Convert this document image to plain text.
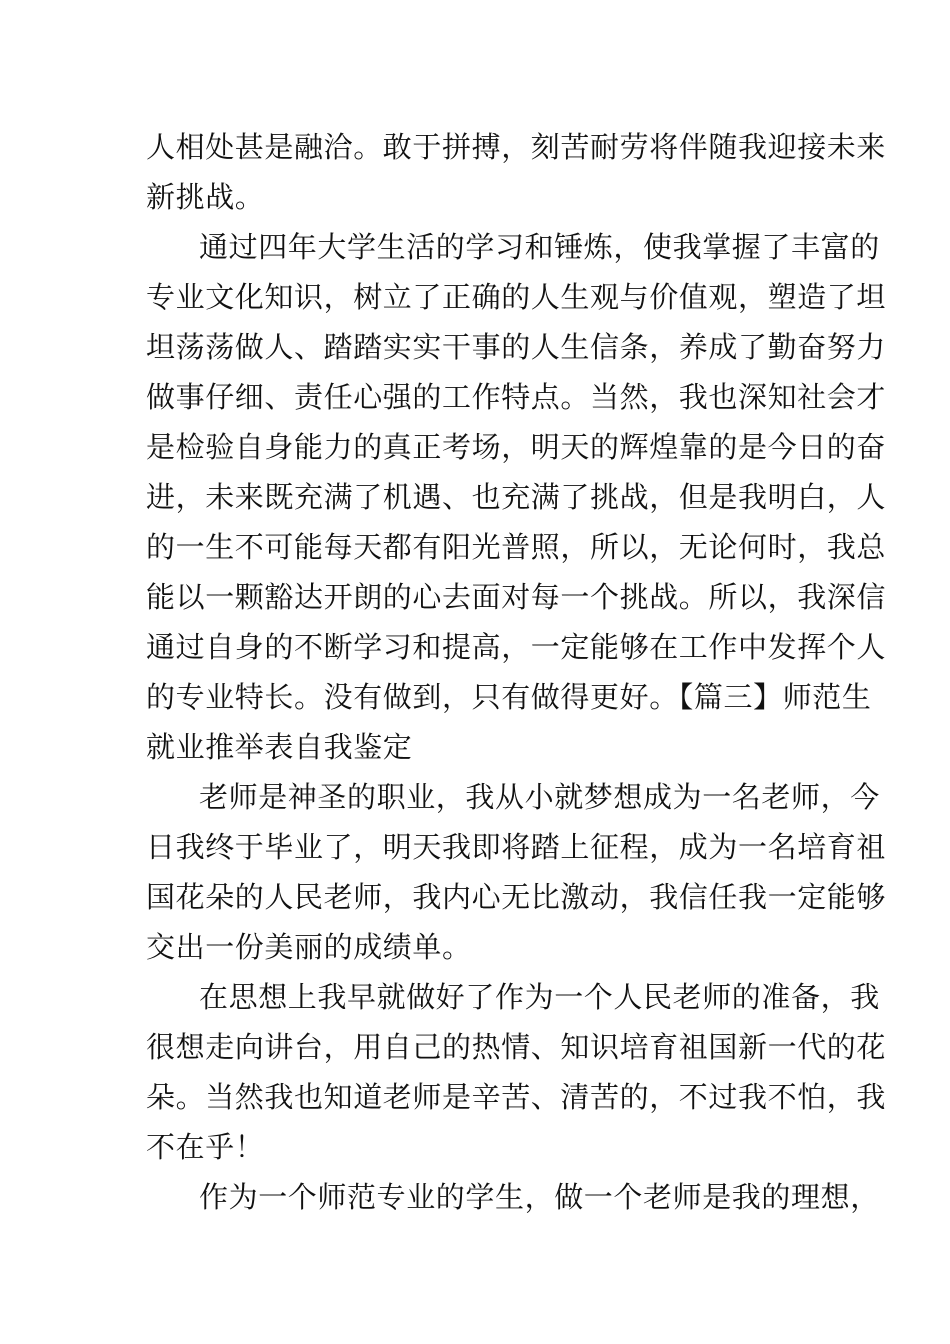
人相处甚是融洽。敢于拼搏，刻苦耐劳将伴随我迎接未来
新挑战。
通过四年大学生活的学习和锤炼，使我掌握了丰富的
专业文化知识，树立了正确的人生观与价值观，塑造了坦
坦荡荡做人、踏踏实实干事的人生信条，养成了勤奋努力
做事仔细、责任心强的工作特点。当然，我也深知社会才
是检验自身能力的真正考场，明天的辉煌靠的是今日的奋
进，未来既充满了机遇、也充满了挑战，但是我明白，人
的一生不可能每天都有阳光普照，所以，无论何时，我总
能以一颗豁达开朗的心去面对每一个挑战。所以，我深信
通过自身的不断学习和提高，一定能够在工作中发挥个人
的专业特长。没有做到，只有做得更好。【篇三】师范生
就业推举表自我鉴定
老师是神圣的职业，我从小就梦想成为一名老师，今
日我终于毕业了，明天我即将踏上征程，成为一名培育祖
国花朵的人民老师，我内心无比激动，我信任我一定能够
交出一份美丽的成绩单。
在思想上我早就做好了作为一个人民老师的准备，我
很想走向讲台，用自己的热情、知识培育祖国新一代的花
朵。当然我也知道老师是辛苦、清苦的，不过我不怕，我
不在乎！
作为一个师范专业的学生，做一个老师是我的理想，
